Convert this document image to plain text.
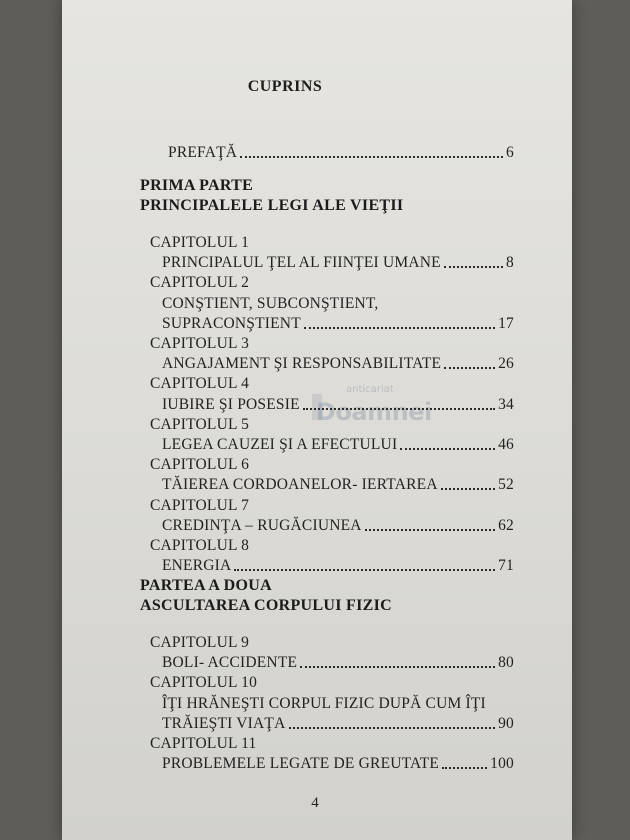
anticariat
Doamnei
CUPRINS
PREFAŢĂ	6
PRIMA PARTE
PRINCIPALELE LEGI ALE VIEŢII
CAPITOLUL 1
PRINCIPALUL ŢEL AL FIINŢEI UMANE	8
CAPITOLUL 2
CONŞTIENT, SUBCONŞTIENT,
SUPRACONŞTIENT	17
CAPITOLUL 3
ANGAJAMENT ŞI RESPONSABILITATE	26
CAPITOLUL 4
IUBIRE ŞI POSESIE	34
CAPITOLUL 5
LEGEA CAUZEI ŞI A EFECTULUI	46
CAPITOLUL 6
TĂIEREA CORDOANELOR- IERTAREA	52
CAPITOLUL 7
CREDINŢA – RUGĂCIUNEA	62
CAPITOLUL 8
ENERGIA	71
PARTEA A DOUA
ASCULTAREA CORPULUI FIZIC
CAPITOLUL 9
BOLI- ACCIDENTE	80
CAPITOLUL 10
ÎŢI HRĂNEŞTI CORPUL FIZIC DUPĂ CUM ÎŢI
TRĂIEŞTI VIAŢA	90
CAPITOLUL 11
PROBLEMELE LEGATE DE GREUTATE	100
4
